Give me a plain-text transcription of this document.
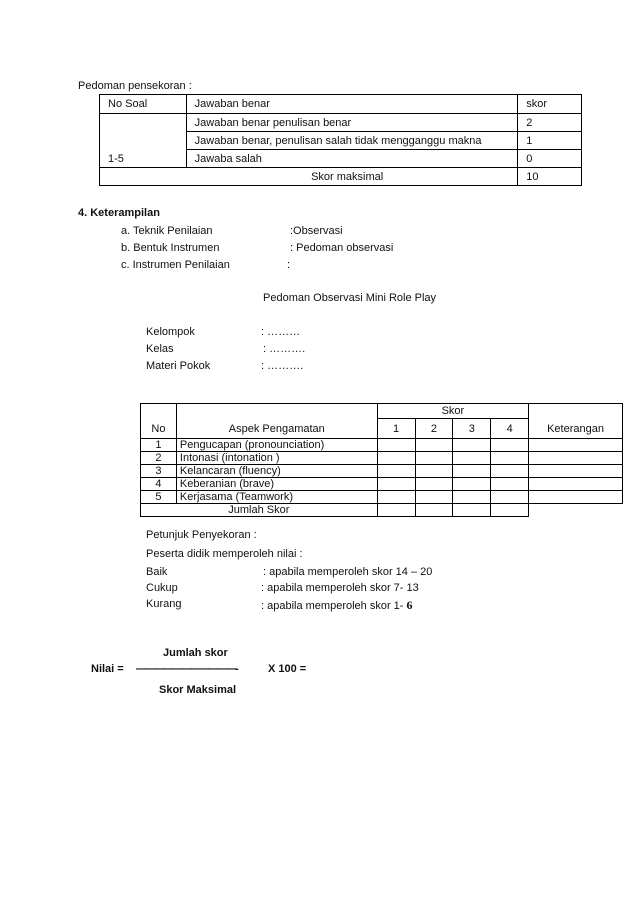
Pedoman pensekoran :
No Soal	Jawaban benar	skor
1-5	Jawaban benar penulisan benar	2
	Jawaban benar, penulisan salah tidak mengganggu makna	1
	Jawaba salah	0
Skor maksimal		10
4. Keterampilan
a. Teknik Penilaian	:Observasi
b. Bentuk Instrumen	: Pedoman observasi
c. Instrumen Penilaian	:
Pedoman Observasi Mini Role Play
Kelompok	: ………
Kelas	: ……….
Materi Pokok	: ……….
No	Aspek Pengamatan	Skor				Keterangan
		1	2	3	4	
1	Pengucapan (pronounciation)					
2	Intonasi (intonation )					
3	Kelancaran (fluency)					
4	Keberanian (brave)					
5	Kerjasama (Teamwork)					
Jumlah Skor						
Petunjuk Penyekoran :
Peserta didik memperoleh nilai :
Baik	: apabila memperoleh skor 14 – 20
Cukup	: apabila memperoleh skor 7- 13
Kurang	: apabila memperoleh skor 1- 6
Jumlah skor
Nilai = ———————————-	X 100 =
Skor Maksimal
